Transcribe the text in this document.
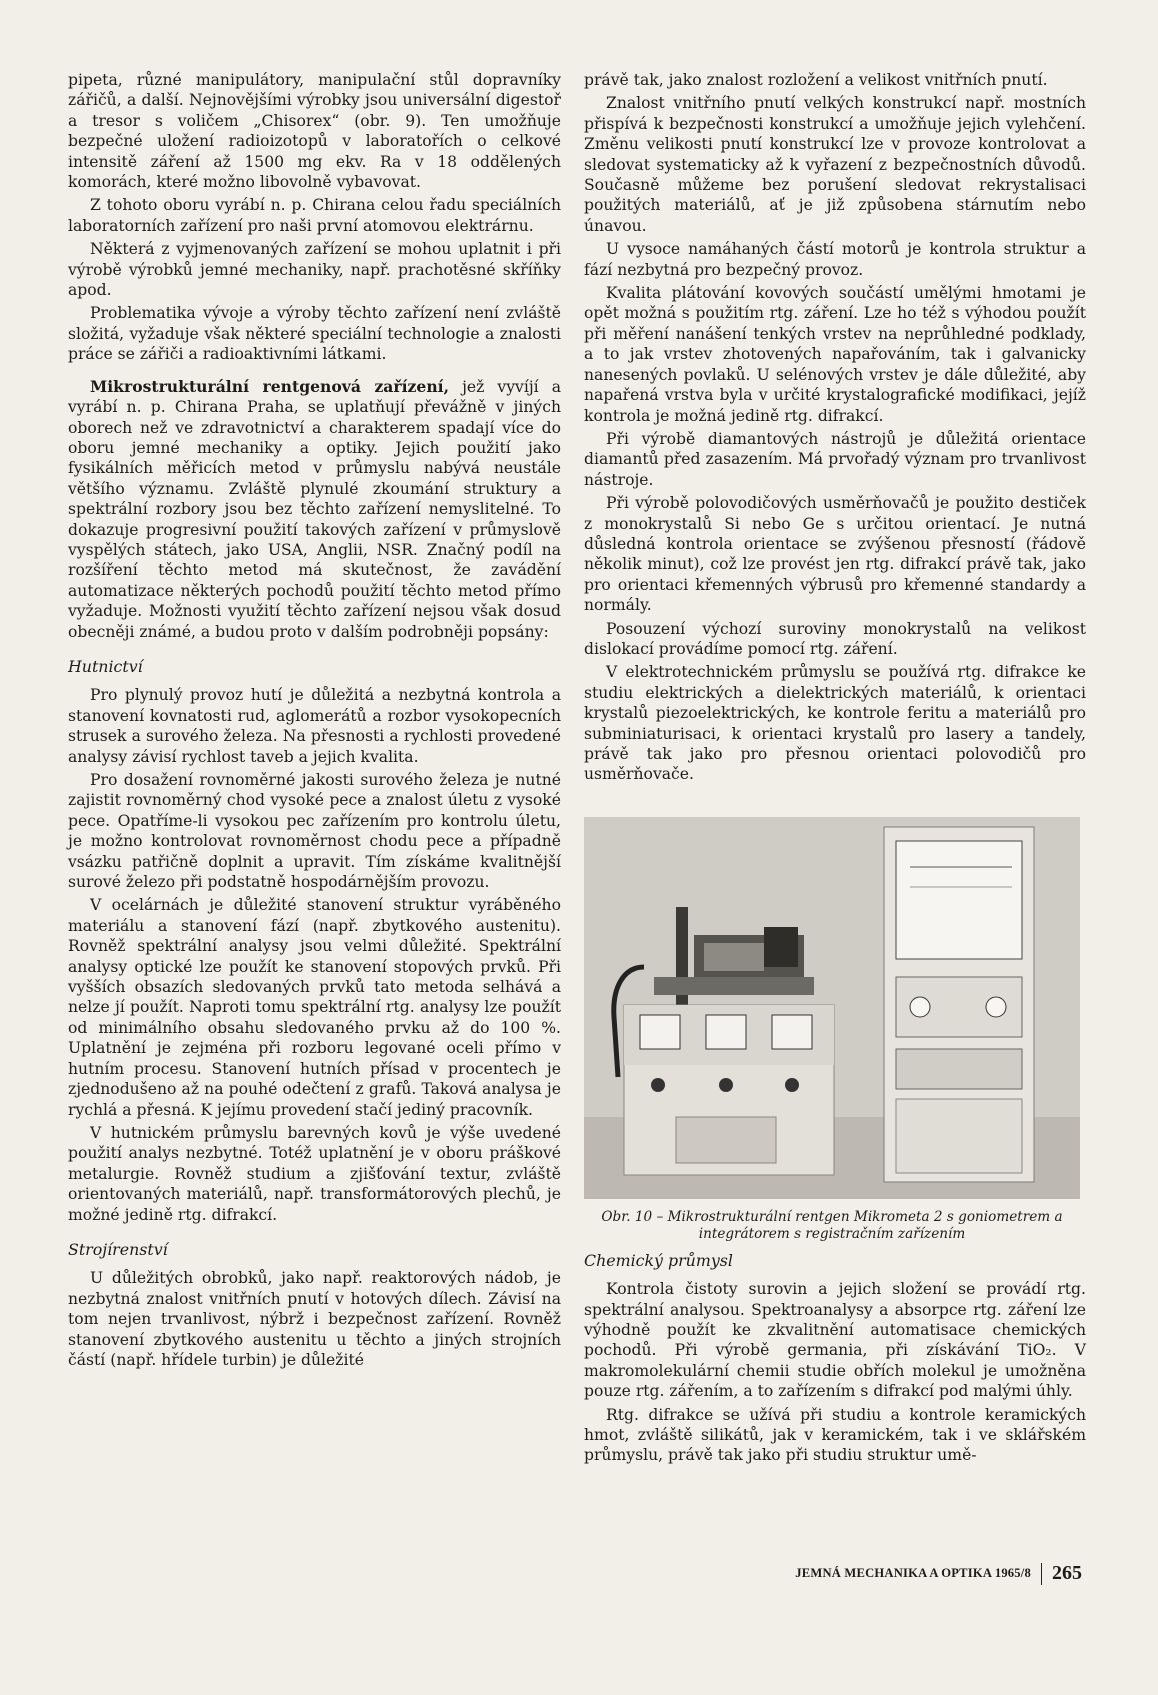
pipeta, různé manipulátory, manipulační stůl dopravníky zářičů, a další. Nejnovějšími výrobky jsou universální digestoř a tresor s voličem „Chisorex“ (obr. 9). Ten umožňuje bezpečné uložení radioizotopů v laboratořích o celkové intensitě záření až 1500 mg ekv. Ra v 18 oddělených komorách, které možno libovolně vybavovat.

Z tohoto oboru vyrábí n. p. Chirana celou řadu speciálních laboratorních zařízení pro naši první atomovou elektrárnu.

Některá z vyjmenovaných zařízení se mohou uplatnit i při výrobě výrobků jemné mechaniky, např. prachotěsné skříňky apod.

Problematika vývoje a výroby těchto zařízení není zvláště složitá, vyžaduje však některé speciální technologie a znalosti práce se zářiči a radioaktivními látkami.

Mikrostrukturální rentgenová zařízení, jež vyvíjí a vyrábí n. p. Chirana Praha, se uplatňují převážně v jiných oborech než ve zdravotnictví a charakterem spadají více do oboru jemné mechaniky a optiky. Jejich použití jako fysikálních měřicích metod v průmyslu nabývá neustále většího významu. Zvláště plynulé zkoumání struktury a spektrální rozbory jsou bez těchto zařízení nemyslitelné. To dokazuje progresivní použití takových zařízení v průmyslově vyspělých státech, jako USA, Anglii, NSR. Značný podíl na rozšíření těchto metod má skutečnost, že zavádění automatizace některých pochodů použití těchto metod přímo vyžaduje. Možnosti využití těchto zařízení nejsou však dosud obecněji známé, a budou proto v dalším podrobněji popsány:

Hutnictví

Pro plynulý provoz hutí je důležitá a nezbytná kontrola a stanovení kovnatosti rud, aglomerátů a rozbor vysokopecních strusek a surového železa. Na přesnosti a rychlosti provedené analysy závisí rychlost taveb a jejich kvalita.

Pro dosažení rovnoměrné jakosti surového železa je nutné zajistit rovnoměrný chod vysoké pece a znalost úletu z vysoké pece. Opatříme-li vysokou pec zařízením pro kontrolu úletu, je možno kontrolovat rovnoměrnost chodu pece a případně vsázku patřičně doplnit a upravit. Tím získáme kvalitnější surové železo při podstatně hospodárnějším provozu.

V ocelárnách je důležité stanovení struktur vyráběného materiálu a stanovení fází (např. zbytkového austenitu). Rovněž spektrální analysy jsou velmi důležité. Spektrální analysy optické lze použít ke stanovení stopových prvků. Při vyšších obsazích sledovaných prvků tato metoda selhává a nelze jí použít. Naproti tomu spektrální rtg. analysy lze použít od minimálního obsahu sledovaného prvku až do 100 %. Uplatnění je zejména při rozboru legované oceli přímo v hutním procesu. Stanovení hutních přísad v procentech je zjednodušeno až na pouhé odečtení z grafů. Taková analysa je rychlá a přesná. K jejímu provedení stačí jediný pracovník.

V hutnickém průmyslu barevných kovů je výše uvedené použití analys nezbytné. Totéž uplatnění je v oboru práškové metalurgie. Rovněž studium a zjišťování textur, zvláště orientovaných materiálů, např. transformátorových plechů, je možné jedině rtg. difrakcí.

Strojírenství

U důležitých obrobků, jako např. reaktorových nádob, je nezbytná znalost vnitřních pnutí v hotových dílech. Závisí na tom nejen trvanlivost, nýbrž i bezpečnost zařízení. Rovněž stanovení zbytkového austenitu u těchto a jiných strojních částí (např. hřídele turbin) je důležité

právě tak, jako znalost rozložení a velikost vnitřních pnutí.

Znalost vnitřního pnutí velkých konstrukcí např. mostních přispívá k bezpečnosti konstrukcí a umožňuje jejich vylehčení. Změnu velikosti pnutí konstrukcí lze v provoze kontrolovat a sledovat systematicky až k vyřazení z bezpečnostních důvodů. Současně můžeme bez porušení sledovat rekrystalisaci použitých materiálů, ať je již způsobena stárnutím nebo únavou.

U vysoce namáhaných částí motorů je kontrola struktur a fází nezbytná pro bezpečný provoz.

Kvalita plátování kovových součástí umělými hmotami je opět možná s použitím rtg. záření. Lze ho též s výhodou použít při měření nanášení tenkých vrstev na neprůhledné podklady, a to jak vrstev zhotovených napařováním, tak i galvanicky nanesených povlaků. U selénových vrstev je dále důležité, aby napařená vrstva byla v určité krystalografické modifikaci, jejíž kontrola je možná jedině rtg. difrakcí.

Při výrobě diamantových nástrojů je důležitá orientace diamantů před zasazením. Má prvořadý význam pro trvanlivost nástroje.

Při výrobě polovodičových usměrňovačů je použito destiček z monokrystalů Si nebo Ge s určitou orientací. Je nutná důsledná kontrola orientace se zvýšenou přesností (řádově několik minut), což lze provést jen rtg. difrakcí právě tak, jako pro orientaci křemenných výbrusů pro křemenné standardy a normály.

Posouzení výchozí suroviny monokrystalů na velikost dislokací provádíme pomocí rtg. záření.

V elektrotechnickém průmyslu se používá rtg. difrakce ke studiu elektrických a dielektrických materiálů, k orientaci krystalů piezoelektrických, ke kontrole feritu a materiálů pro subminiaturisaci, k orientaci krystalů pro lasery a tandely, právě tak jako pro přesnou orientaci polovodičů pro usměrňovače.

Obr. 10 – Mikrostrukturální rentgen Mikrometa 2 s goniometrem a integrátorem s registračním zařízením
Chemický průmysl

Kontrola čistoty surovin a jejich složení se provádí rtg. spektrální analysou. Spektroanalysy a absorpce rtg. záření lze výhodně použít ke zkvalitnění automatisace chemických pochodů. Při výrobě germania, při získávání TiO₂. V makromolekulární chemii studie obřích molekul je umožněna pouze rtg. zářením, a to zařízením s difrakcí pod malými úhly.

Rtg. difrakce se užívá při studiu a kontrole keramických hmot, zvláště silikátů, jak v keramickém, tak i ve sklářském průmyslu, právě tak jako při studiu struktur umě-

JEMNÁ MECHANIKA A OPTIKA 1965/8 265
